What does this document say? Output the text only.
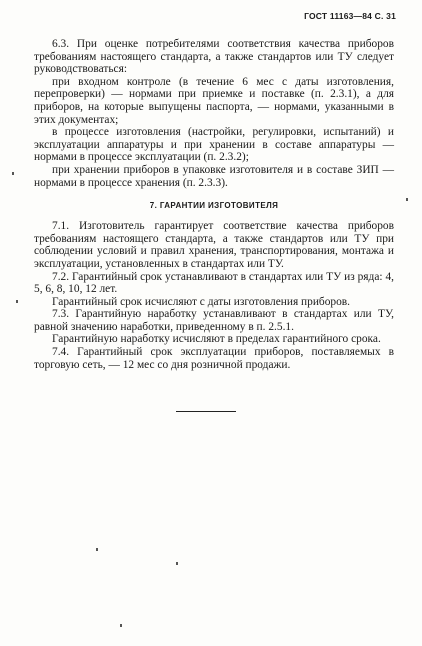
ГОСТ 11163—84 С. 31

6.3. При оценке потребителями соответствия качества приборов требованиям настоящего стандарта, а также стандартов или ТУ следует руководствоваться:

при входном контроле (в течение 6 мес с даты изготовления, перепроверки) — нормами при приемке и поставке (п. 2.3.1), а для приборов, на которые выпущены паспорта, — нормами, указанными в этих документах;

в процессе изготовления (настройки, регулировки, испытаний) и эксплуатации аппаратуры и при хранении в составе аппаратуры — нормами в процессе эксплуатации (п. 2.3.2);

при хранении приборов в упаковке изготовителя и в составе ЗИП — нормами в процессе хранения (п. 2.3.3).

7. ГАРАНТИИ ИЗГОТОВИТЕЛЯ

7.1. Изготовитель гарантирует соответствие качества приборов требованиям настоящего стандарта, а также стандартов или ТУ при соблюдении условий и правил хранения, транспортирования, монтажа и эксплуатации, установленных в стандартах или ТУ.

7.2. Гарантийный срок устанавливают в стандартах или ТУ из ряда: 4, 5, 6, 8, 10, 12 лет.

Гарантийный срок исчисляют с даты изготовления приборов.

7.3. Гарантийную наработку устанавливают в стандартах или ТУ, равной значению наработки, приведенному в п. 2.5.1.

Гарантийную наработку исчисляют в пределах гарантийного срока.

7.4. Гарантийный срок эксплуатации приборов, поставляемых в торговую сеть, — 12 мес со дня розничной продажи.
